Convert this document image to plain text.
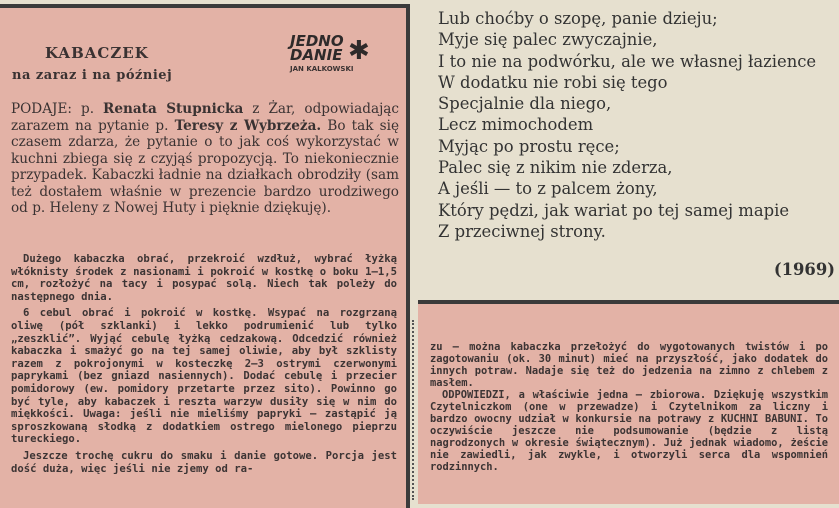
KABACZEK
na zaraz i na później
JEDNO
DANIE
JAN KALKOWSKI
✱
PODAJE: p. Renata Stupnicka z Żar, odpowiadając zarazem na pytanie p. Teresy z Wybrzeża. Bo tak się czasem zdarza, że pytanie o to jak coś wykorzystać w kuchni zbiega się z czyjąś propozycją. To niekoniecznie przypadek. Kabaczki ładnie na działkach obrodziły (sam też dostałem właśnie w prezencie bardzo urodziwego od p. Heleny z Nowej Huty i pięknie dziękuję).

Dużego kabaczka obrać, przekroić wzdłuż, wybrać łyżką włóknisty środek z nasionami i pokroić w kostkę o boku 1—1,5 cm, rozłożyć na tacy i posypać solą. Niech tak poleży do następnego dnia.

6 cebul obrać i pokroić w kostkę. Wsypać na rozgrzaną oliwę (pół szklanki) i lekko podrumienić lub tylko „zeszklić”. Wyjąć cebulę łyżką cedzakową. Odcedzić również kabaczka i smażyć go na tej samej oliwie, aby był szklisty razem z pokrojonymi w kosteczkę 2—3 ostrymi czerwonymi paprykami (bez gniazd nasiennych). Dodać cebulę i przecier pomidorowy (ew. pomidory przetarte przez sito). Powinno go być tyle, aby kabaczek i reszta warzyw dusiły się w nim do miękkości. Uwaga: jeśli nie mieliśmy papryki — zastąpić ją sproszkowaną słodką z dodatkiem ostrego mielonego pieprzu tureckiego.

Jeszcze trochę cukru do smaku i danie gotowe. Porcja jest dość duża, więc jeśli nie zjemy od ra-

Lub choćby o szopę, panie dzieju;
Myje się palec zwyczajnie,
I to nie na podwórku, ale we własnej łazience
W dodatku nie robi się tego
Specjalnie dla niego,
Lecz mimochodem
Myjąc po prostu ręce;
Palec się z nikim nie zderza,
A jeśli — to z palcem żony,
Który pędzi, jak wariat po tej samej mapie
Z przeciwnej strony.
(1969)

zu — można kabaczka przełożyć do wygotowanych twistów i po zagotowaniu (ok. 30 minut) mieć na przyszłość, jako dodatek do innych potraw. Nadaje się też do jedzenia na zimno z chlebem z masłem.

ODPOWIEDZI, a właściwie jedna — zbiorowa. Dziękuję wszystkim Czytelniczkom (one w przewadze) i Czytelnikom za liczny i bardzo owocny udział w konkursie na potrawy z KUCHNI BABUNI. To oczywiście jeszcze nie podsumowanie (będzie z listą nagrodzonych w okresie świątecznym). Już jednak wiadomo, żeście nie zawiedli, jak zwykle, i otworzyli serca dla wspomnień rodzinnych.
